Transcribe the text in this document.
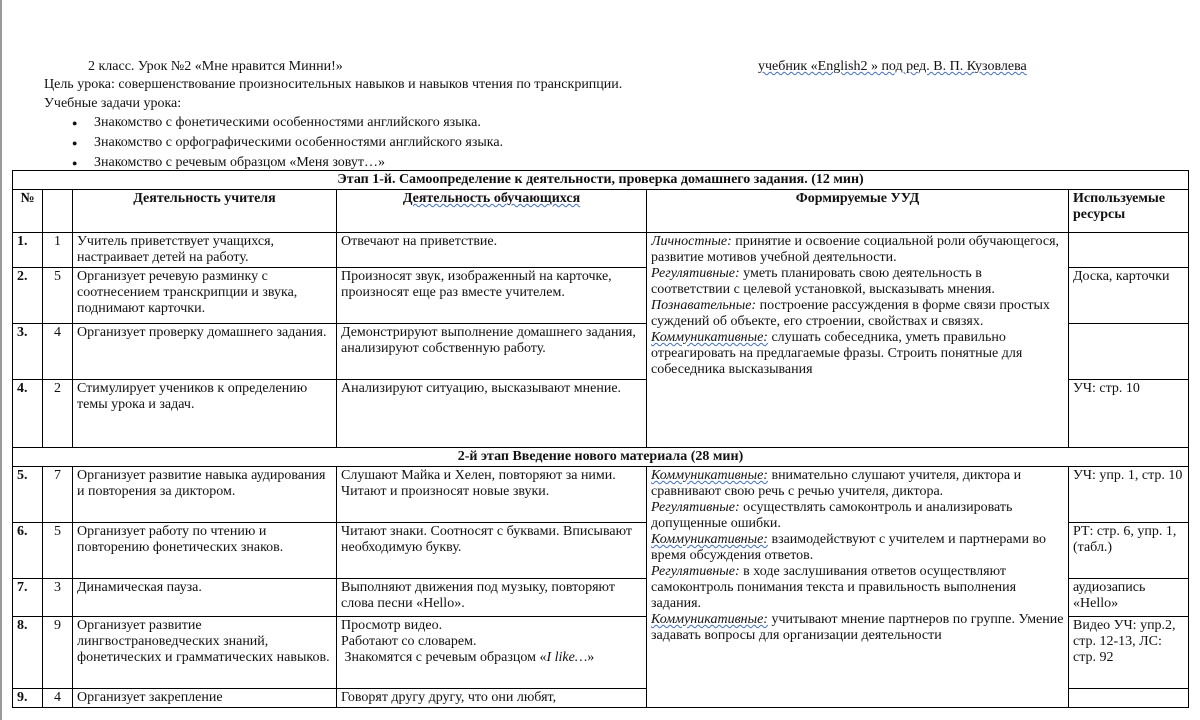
2 класс. Урок №2 «Мне нравится Минни!»	учебник «English2 » под ред. В. П. Кузовлева
Цель урока: совершенствование произносительных навыков и навыков чтения по транскрипции.
Учебные задачи урока:
● Знакомство с фонетическими особенностями английского языка.
● Знакомство с орфографическими особенностями английского языка.
● Знакомство с речевым образцом «Меня зовут…»
Этап 1-й. Самоопределение к деятельности, проверка домашнего задания. (12 мин)					
№		Деятельность учителя	Деятельность обучающихся	Формируемые УУД	Используемые ресурсы
1.	1	Учитель приветствует учащихся, настраивает детей на работу.	Отвечают на приветствие.	Личностные: принятие и освоение социальной роли обучающегося, развитие мотивов учебной деятельности.
Регулятивные: уметь планировать свою деятельность в соответствии с целевой установкой, высказывать мнения.
Познавательные: построение рассуждения в форме связи простых суждений об объекте, его строении, свойствах и связях.
Коммуникативные: слушать собеседника, уметь правильно отреагировать на предлагаемые фразы. Строить понятные для собеседника высказывания	

2.	5	Организует речевую разминку с соотнесением транскрипции и звука, поднимают карточки.	Произносят звук, изображенный на карточке, произносят еще раз вместе учителем.		Доска, карточки
3.	4	Организует проверку домашнего задания.	Демонстрируют выполнение домашнего задания, анализируют собственную работу.		
4.	2	Стимулирует учеников к определению темы урока и задач.	Анализируют ситуацию, высказывают мнение.		УЧ: стр. 10
2-й этап Введение нового материала (28 мин)					
5.	7	Организует развитие навыка аудирования и повторения за диктором.	Слушают Майка и Хелен, повторяют за ними. Читают и произносят новые звуки.	Коммуникативные: внимательно слушают учителя, диктора и сравнивают свою речь с речью учителя, диктора.
Регулятивные: осуществлять самоконтроль и анализировать допущенные ошибки.
Коммуникативные: взаимодействуют с учителем и партнерами во время обсуждения ответов.
Регулятивные: в ходе заслушивания ответов осуществляют самоконтроль понимания текста и правильность выполнения задания.
Коммуникативные: учитывают мнение партнеров по группе. Умение задавать вопросы для организации деятельности	УЧ: упр. 1, стр. 10
6.	5	Организует работу по чтению и повторению фонетических знаков.	Читают знаки. Соотносят с буквами. Вписывают необходимую букву.		РТ: стр. 6, упр. 1, (табл.)
7.	3	Динамическая пауза.	Выполняют движения под музыку, повторяют слова песни «Hello».		аудиозапись «Hello»
8.	9	Организует развитие лингвострановедческих знаний, фонетических и грамматических навыков.	Просмотр видео.
Работают со словарем.
Знакомятся с речевым образцом «I like…»		Видео УЧ: упр.2, стр. 12-13, ЛС: стр. 92
9.	4	Организует закрепление	Говорят другу другу, что они любят,		
